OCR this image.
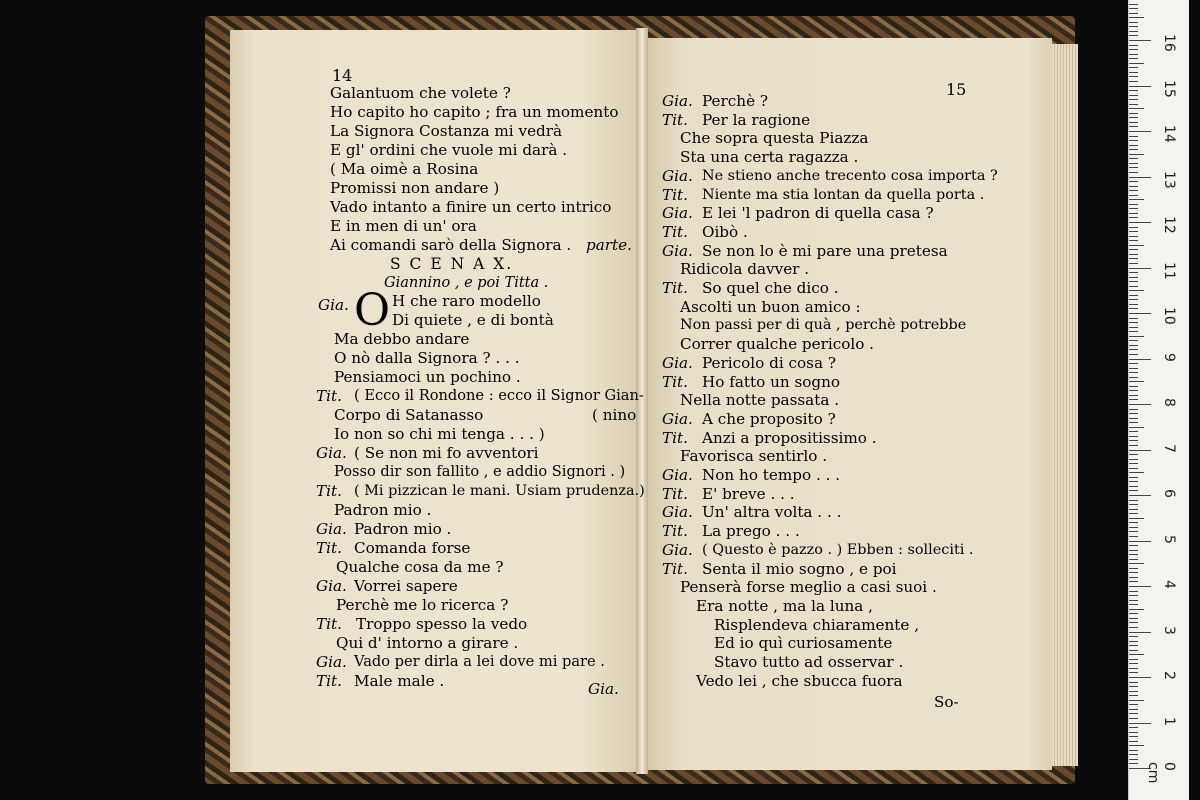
14
Galantuom che volete ?
Ho capito ho capito ; fra un momento
La Signora Costanza mi vedrà
E gl' ordini che vuole mi darà .
( Ma oimè a Rosina
Promissi non andare )
Vado intanto a finire un certo intrico
E in men di un' ora
Ai comandi sarò della Signora . parte.
S C E N A X.
Giannino , e poi Titta .
Gia. O H che raro modello
Di quiete , e di bontà
Ma debbo andare
O nò dalla Signora ? . . .
Pensiamoci un pochino .
Tit. ( Ecco il Rondone : ecco il Signor Gian-
Corpo di Satanasso	( nino
Io non so chi mi tenga . . . )
Gia. ( Se non mi fo avventori
Posso dir son fallito , e addio Signori . )
Tit. ( Mi pizzican le mani. Usiam prudenza.)
Padron mio .
Gia. Padron mio .
Tit. Comanda forse
Qualche cosa da me ?
Gia. Vorrei sapere
Perchè me lo ricerca ?
Tit. Troppo spesso la vedo
Qui d' intorno a girare .
Gia. Vado per dirla a lei dove mi pare .
Tit. Male male .	Gia.
15
Gia. Perchè ?
Tit. Per la ragione
Che sopra questa Piazza
Sta una certa ragazza .
Gia. Ne stieno anche trecento cosa importa ?
Tit. Niente ma stia lontan da quella porta .
Gia. E lei 'l padron di quella casa ?
Tit. Oibò .
Gia. Se non lo è mi pare una pretesa
Ridicola davver .
Tit. So quel che dico .
Ascolti un buon amico :
Non passi per di quà , perchè potrebbe
Correr qualche pericolo .
Gia. Pericolo di cosa ?
Tit. Ho fatto un sogno
Nella notte passata .
Gia. A che proposito ?
Tit. Anzi a propositissimo .
Favorisca sentirlo .
Gia. Non ho tempo . . .
Tit. E' breve . . .
Gia. Un' altra volta . . .
Tit. La prego . . .
Gia. ( Questo è pazzo . ) Ebben : solleciti .
Tit. Senta il mio sogno , e poi
Penserà forse meglio a casi suoi .
Era notte , ma la luna ,
Risplendeva chiaramente ,
Ed io quì curiosamente
Stavo tutto ad osservar .
Vedo lei , che sbucca fuora
So-
0 cm
1
2
3
4
5
6
7
8
9
10
11
12
13
14
15
16
